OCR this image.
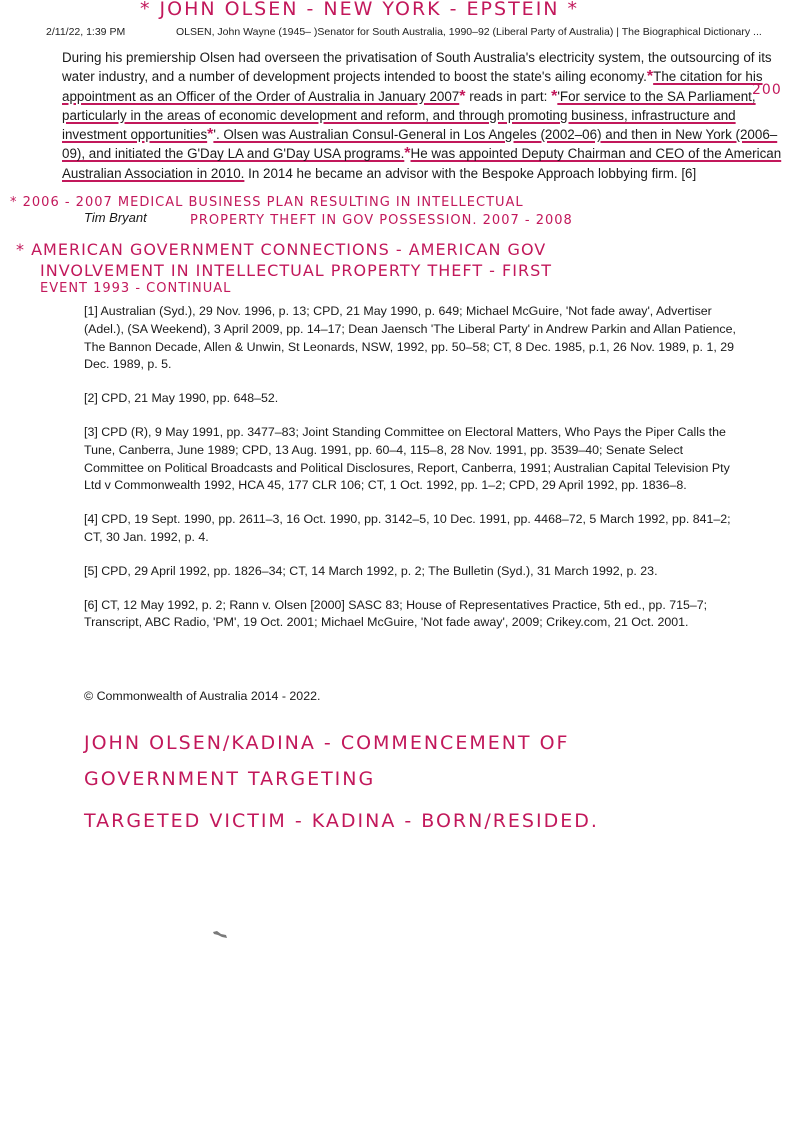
* JOHN OLSEN - NEW YORK - EPSTEIN *
2/11/22, 1:39 PM	OLSEN, John Wayne (1945– )Senator for South Australia, 1990–92 (Liberal Party of Australia) | The Biographical Dictionary ...

During his premiership Olsen had overseen the privatisation of South Australia's electricity system, the outsourcing of its water industry, and a number of development projects intended to boost the state's ailing economy.*The citation for his appointment as an Officer of the Order of Australia in January 2007* reads in part: *'For service to the SA Parliament, particularly in the areas of economic development and reform, and through promoting business, infrastructure and investment opportunities*'. Olsen was Australian Consul-General in Los Angeles (2002–06) and then in New York (2006–09), and initiated the G'Day LA and G'Day USA programs.*He was appointed Deputy Chairman and CEO of the American Australian Association in 2010. In 2014 he became an advisor with the Bespoke Approach lobbying firm. [6]

200
* 2006 - 2007 MEDICAL BUSINESS PLAN RESULTING IN INTELLECTUAL
Tim Bryant	PROPERTY THEFT IN GOV POSSESSION. 2007 - 2008
* AMERICAN GOVERNMENT CONNECTIONS - AMERICAN GOV
INVOLVEMENT IN INTELLECTUAL PROPERTY THEFT - FIRST
EVENT 1993 - CONTINUAL

[1] Australian (Syd.), 29 Nov. 1996, p. 13; CPD, 21 May 1990, p. 649; Michael McGuire, 'Not fade away', Advertiser (Adel.), (SA Weekend), 3 April 2009, pp. 14–17; Dean Jaensch 'The Liberal Party' in Andrew Parkin and Allan Patience, The Bannon Decade, Allen & Unwin, St Leonards, NSW, 1992, pp. 50–58; CT, 8 Dec. 1985, p.1, 26 Nov. 1989, p. 1, 29 Dec. 1989, p. 5.

[2] CPD, 21 May 1990, pp. 648–52.

[3] CPD (R), 9 May 1991, pp. 3477–83; Joint Standing Committee on Electoral Matters, Who Pays the Piper Calls the Tune, Canberra, June 1989; CPD, 13 Aug. 1991, pp. 60–4, 115–8, 28 Nov. 1991, pp. 3539–40; Senate Select Committee on Political Broadcasts and Political Disclosures, Report, Canberra, 1991; Australian Capital Television Pty Ltd v Commonwealth 1992, HCA 45, 177 CLR 106; CT, 1 Oct. 1992, pp. 1–2; CPD, 29 April 1992, pp. 1836–8.

[4] CPD, 19 Sept. 1990, pp. 2611–3, 16 Oct. 1990, pp. 3142–5, 10 Dec. 1991, pp. 4468–72, 5 March 1992, pp. 841–2; CT, 30 Jan. 1992, p. 4.

[5] CPD, 29 April 1992, pp. 1826–34; CT, 14 March 1992, p. 2; The Bulletin (Syd.), 31 March 1992, p. 23.

[6] CT, 12 May 1992, p. 2; Rann v. Olsen [2000] SASC 83; House of Representatives Practice, 5th ed., pp. 715–7; Transcript, ABC Radio, 'PM', 19 Oct. 2001; Michael McGuire, 'Not fade away', 2009; Crikey.com, 21 Oct. 2001.

© Commonwealth of Australia 2014 - 2022.
JOHN OLSEN/KADINA - COMMENCEMENT OF
GOVERNMENT TARGETING
TARGETED VICTIM - KADINA - BORN/RESIDED.
